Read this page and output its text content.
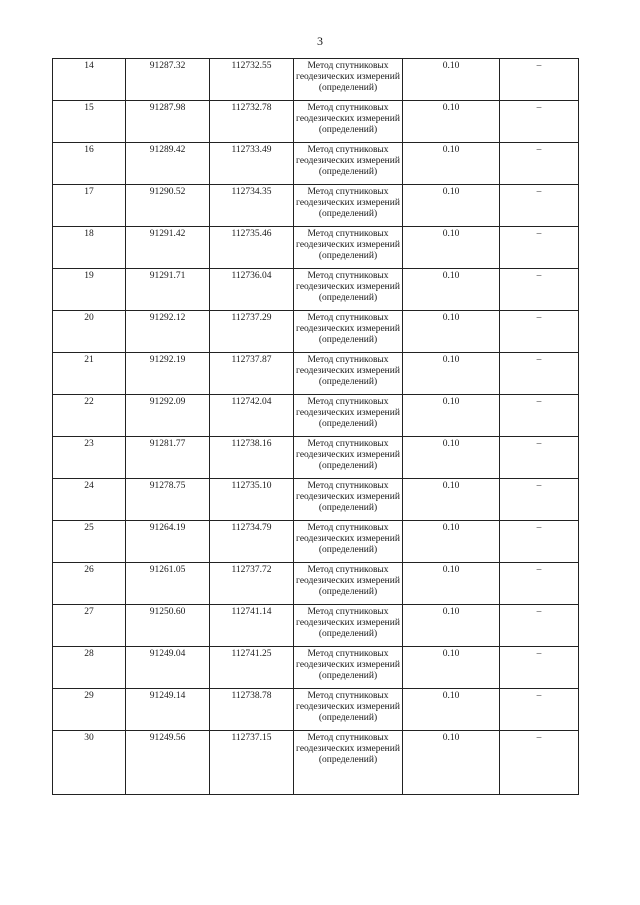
3
14	91287.32	112732.55	Метод спутниковых геодезических измерений (определений)	0.10	–
15	91287.98	112732.78	Метод спутниковых геодезических измерений (определений)	0.10	–
16	91289.42	112733.49	Метод спутниковых геодезических измерений (определений)	0.10	–
17	91290.52	112734.35	Метод спутниковых геодезических измерений (определений)	0.10	–
18	91291.42	112735.46	Метод спутниковых геодезических измерений (определений)	0.10	–
19	91291.71	112736.04	Метод спутниковых геодезических измерений (определений)	0.10	–
20	91292.12	112737.29	Метод спутниковых геодезических измерений (определений)	0.10	–
21	91292.19	112737.87	Метод спутниковых геодезических измерений (определений)	0.10	–
22	91292.09	112742.04	Метод спутниковых геодезических измерений (определений)	0.10	–
23	91281.77	112738.16	Метод спутниковых геодезических измерений (определений)	0.10	–
24	91278.75	112735.10	Метод спутниковых геодезических измерений (определений)	0.10	–
25	91264.19	112734.79	Метод спутниковых геодезических измерений (определений)	0.10	–
26	91261.05	112737.72	Метод спутниковых геодезических измерений (определений)	0.10	–
27	91250.60	112741.14	Метод спутниковых геодезических измерений (определений)	0.10	–
28	91249.04	112741.25	Метод спутниковых геодезических измерений (определений)	0.10	–
29	91249.14	112738.78	Метод спутниковых геодезических измерений (определений)	0.10	–
30	91249.56	112737.15	Метод спутниковых геодезических измерений (определений)	0.10	–
